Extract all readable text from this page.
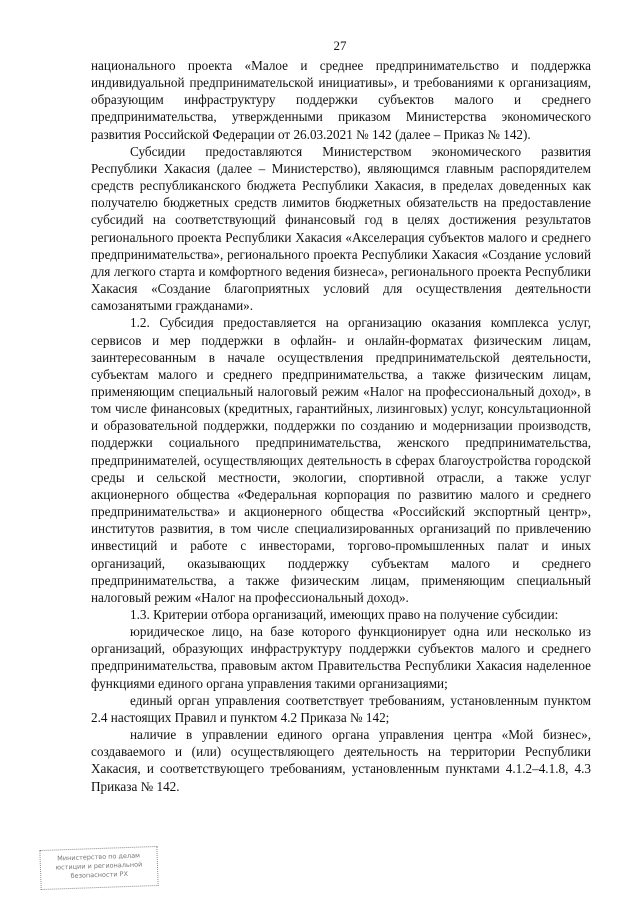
27

национального проекта «Малое и среднее предпринимательство и поддержка индивидуальной предпринимательской инициативы», и требованиями к организациям, образующим инфраструктуру поддержки субъектов малого и среднего предпринимательства, утвержденными приказом Министерства экономического развития Российской Федерации от 26.03.2021 № 142 (далее – Приказ № 142).

Субсидии предоставляются Министерством экономического развития Республики Хакасия (далее – Министерство), являющимся главным распорядителем средств республиканского бюджета Республики Хакасия, в пределах доведенных как получателю бюджетных средств лимитов бюджетных обязательств на предоставление субсидий на соответствующий финансовый год в целях достижения результатов регионального проекта Республики Хакасия «Акселерация субъектов малого и среднего предпринимательства», регионального проекта Республики Хакасия «Создание условий для легкого старта и комфортного ведения бизнеса», регионального проекта Республики Хакасия «Создание благоприятных условий для осуществления деятельности самозанятыми гражданами».

1.2. Субсидия предоставляется на организацию оказания комплекса услуг, сервисов и мер поддержки в офлайн- и онлайн-форматах физическим лицам, заинтересованным в начале осуществления предпринимательской деятельности, субъектам малого и среднего предпринимательства, а также физическим лицам, применяющим специальный налоговый режим «Налог на профессиональный доход», в том числе финансовых (кредитных, гарантийных, лизинговых) услуг, консультационной и образовательной поддержки, поддержки по созданию и модернизации производств, поддержки социального предпринимательства, женского предпринимательства, предпринимателей, осуществляющих деятельность в сферах благоустройства городской среды и сельской местности, экологии, спортивной отрасли, а также услуг акционерного общества «Федеральная корпорация по развитию малого и среднего предпринимательства» и акционерного общества «Российский экспортный центр», институтов развития, в том числе специализированных организаций по привлечению инвестиций и работе с инвесторами, торгово-промышленных палат и иных организаций, оказывающих поддержку субъектам малого и среднего предпринимательства, а также физическим лицам, применяющим специальный налоговый режим «Налог на профессиональный доход».

1.3. Критерии отбора организаций, имеющих право на получение субсидии:

юридическое лицо, на базе которого функционирует одна или несколько из организаций, образующих инфраструктуру поддержки субъектов малого и среднего предпринимательства, правовым актом Правительства Республики Хакасия наделенное функциями единого органа управления такими организациями;

единый орган управления соответствует требованиям, установленным пунктом 2.4 настоящих Правил и пунктом 4.2 Приказа № 142;

наличие в управлении единого органа управления центра «Мой бизнес», создаваемого и (или) осуществляющего деятельность на территории Республики Хакасия, и соответствующего требованиям, установленным пунктами 4.1.2–4.1.8, 4.3 Приказа № 142.

Министерство по делам
юстиции и региональной
безопасности РХ
